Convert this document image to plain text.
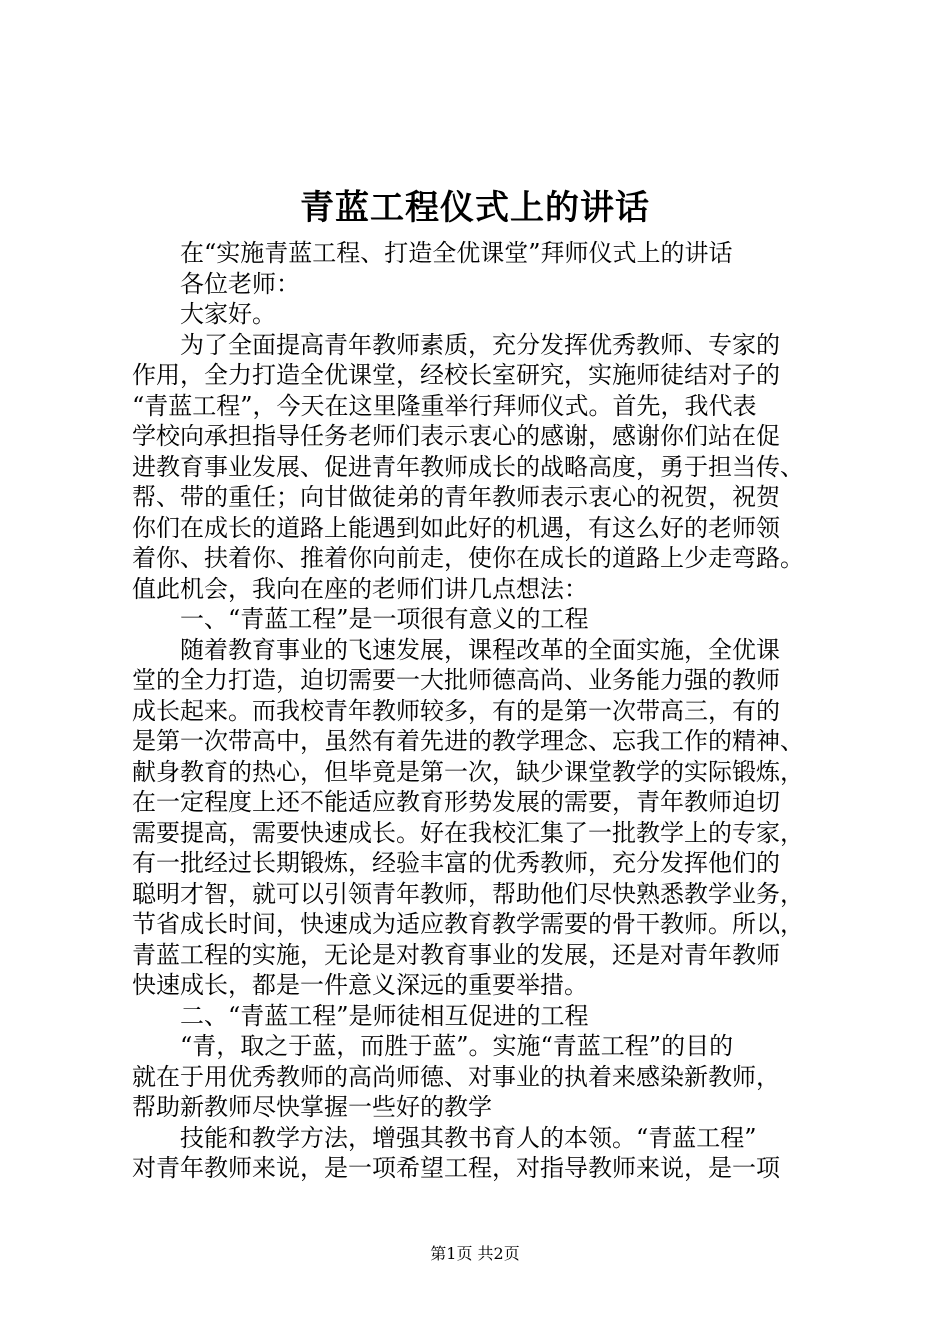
青蓝工程仪式上的讲话
在“实施青蓝工程、打造全优课堂”拜师仪式上的讲话
各位老师：
大家好。
为了全面提高青年教师素质，充分发挥优秀教师、专家的
作用，全力打造全优课堂，经校长室研究，实施师徒结对子的
“青蓝工程”，今天在这里隆重举行拜师仪式。首先，我代表
学校向承担指导任务老师们表示衷心的感谢，感谢你们站在促
进教育事业发展、促进青年教师成长的战略高度，勇于担当传、
帮、带的重任；向甘做徒弟的青年教师表示衷心的祝贺，祝贺
你们在成长的道路上能遇到如此好的机遇，有这么好的老师领
着你、扶着你、推着你向前走，使你在成长的道路上少走弯路。
值此机会，我向在座的老师们讲几点想法：
一、“青蓝工程”是一项很有意义的工程
随着教育事业的飞速发展，课程改革的全面实施，全优课
堂的全力打造，迫切需要一大批师德高尚、业务能力强的教师
成长起来。而我校青年教师较多，有的是第一次带高三，有的
是第一次带高中，虽然有着先进的教学理念、忘我工作的精神、
献身教育的热心，但毕竟是第一次，缺少课堂教学的实际锻炼，
在一定程度上还不能适应教育形势发展的需要，青年教师迫切
需要提高，需要快速成长。好在我校汇集了一批教学上的专家，
有一批经过长期锻炼，经验丰富的优秀教师，充分发挥他们的
聪明才智，就可以引领青年教师，帮助他们尽快熟悉教学业务，
节省成长时间，快速成为适应教育教学需要的骨干教师。所以，
青蓝工程的实施，无论是对教育事业的发展，还是对青年教师
快速成长，都是一件意义深远的重要举措。
二、“青蓝工程”是师徒相互促进的工程
“青，取之于蓝，而胜于蓝”。实施“青蓝工程”的目的
就在于用优秀教师的高尚师德、对事业的执着来感染新教师，
帮助新教师尽快掌握一些好的教学
技能和教学方法，增强其教书育人的本领。“青蓝工程”
对青年教师来说，是一项希望工程，对指导教师来说，是一项
第1页 共2页
